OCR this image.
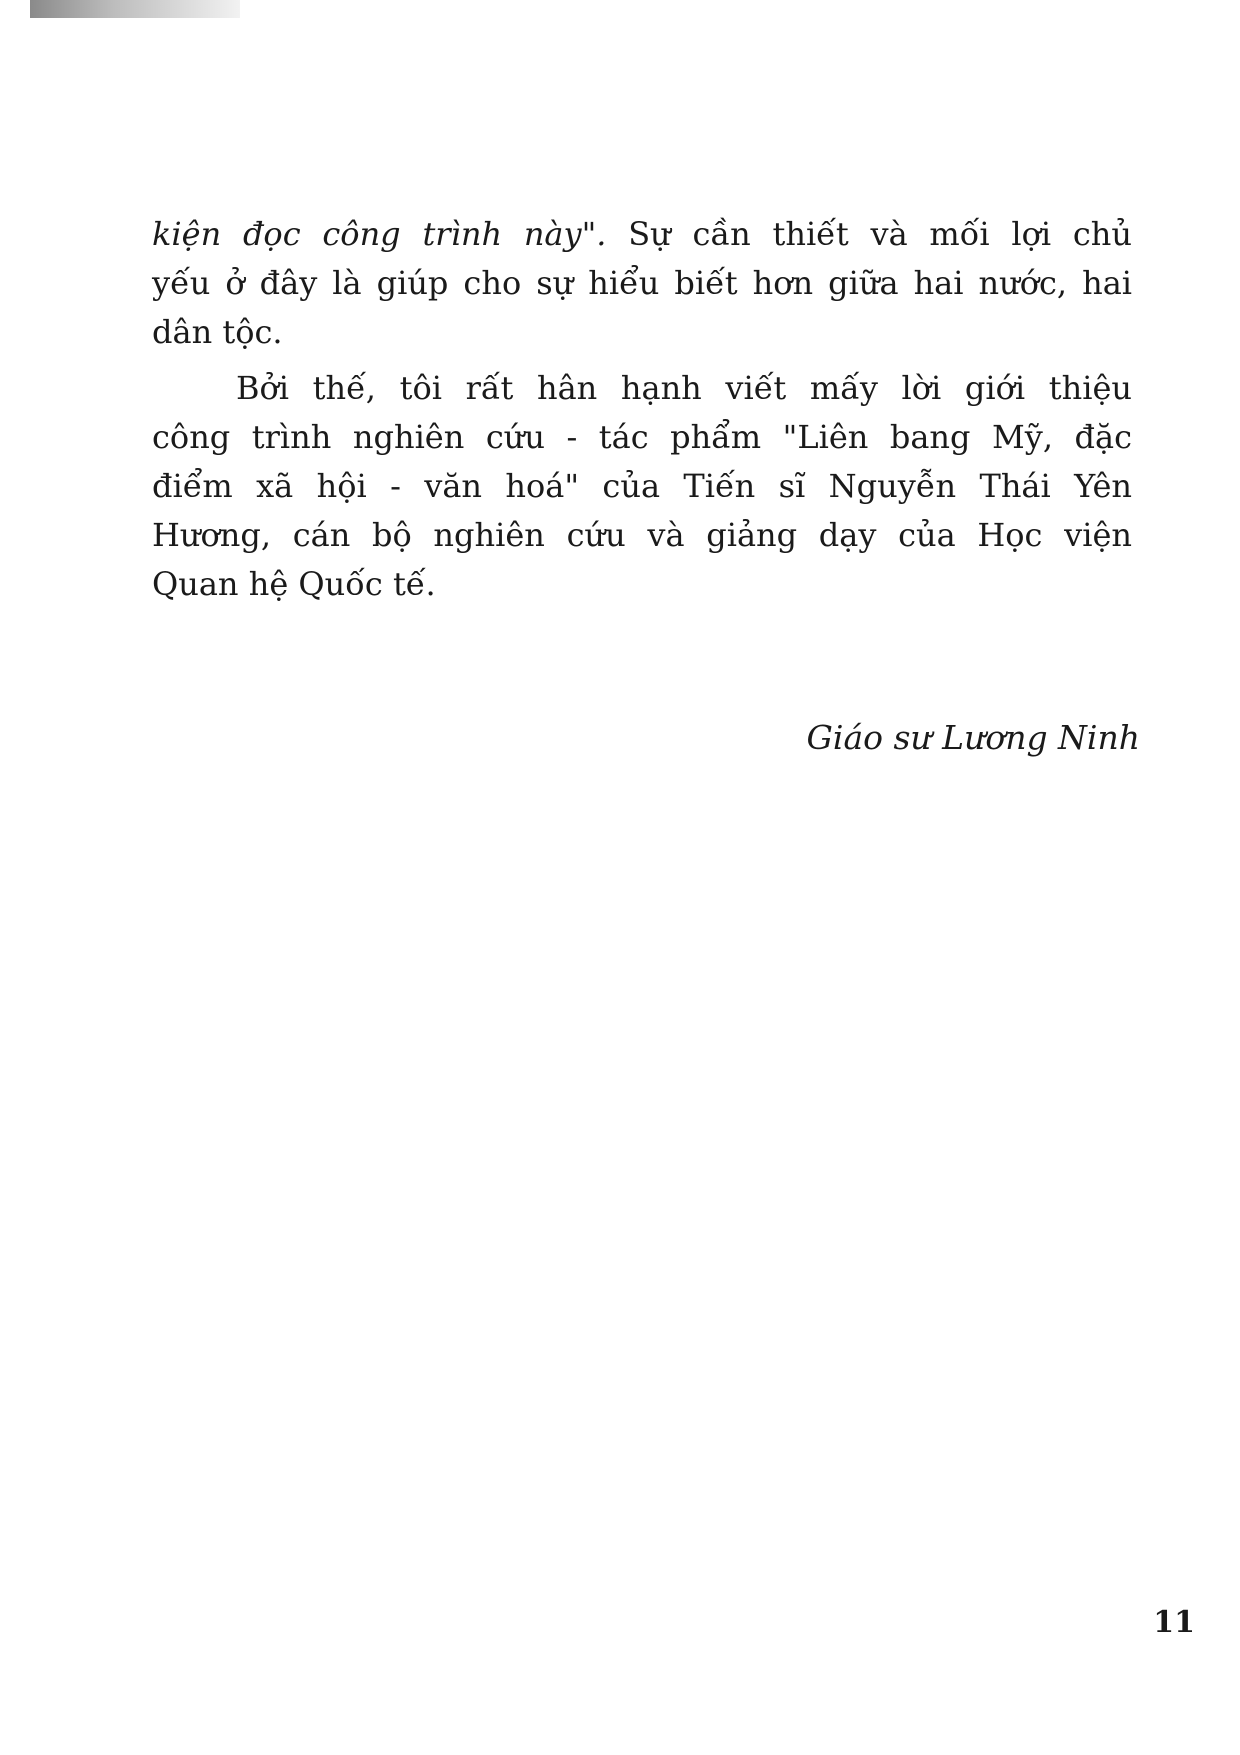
kiện đọc công trình này". Sự cần thiết và mối lợi chủ
yếu ở đây là giúp cho sự hiểu biết hơn giữa hai nước, hai
dân tộc.
Bởi thế, tôi rất hân hạnh viết mấy lời giới thiệu
công trình nghiên cứu - tác phẩm "Liên bang Mỹ, đặc
điểm xã hội - văn hoá" của Tiến sĩ Nguyễn Thái Yên
Hương, cán bộ nghiên cứu và giảng dạy của Học viện
Quan hệ Quốc tế.
Giáo sư Lương Ninh
11
